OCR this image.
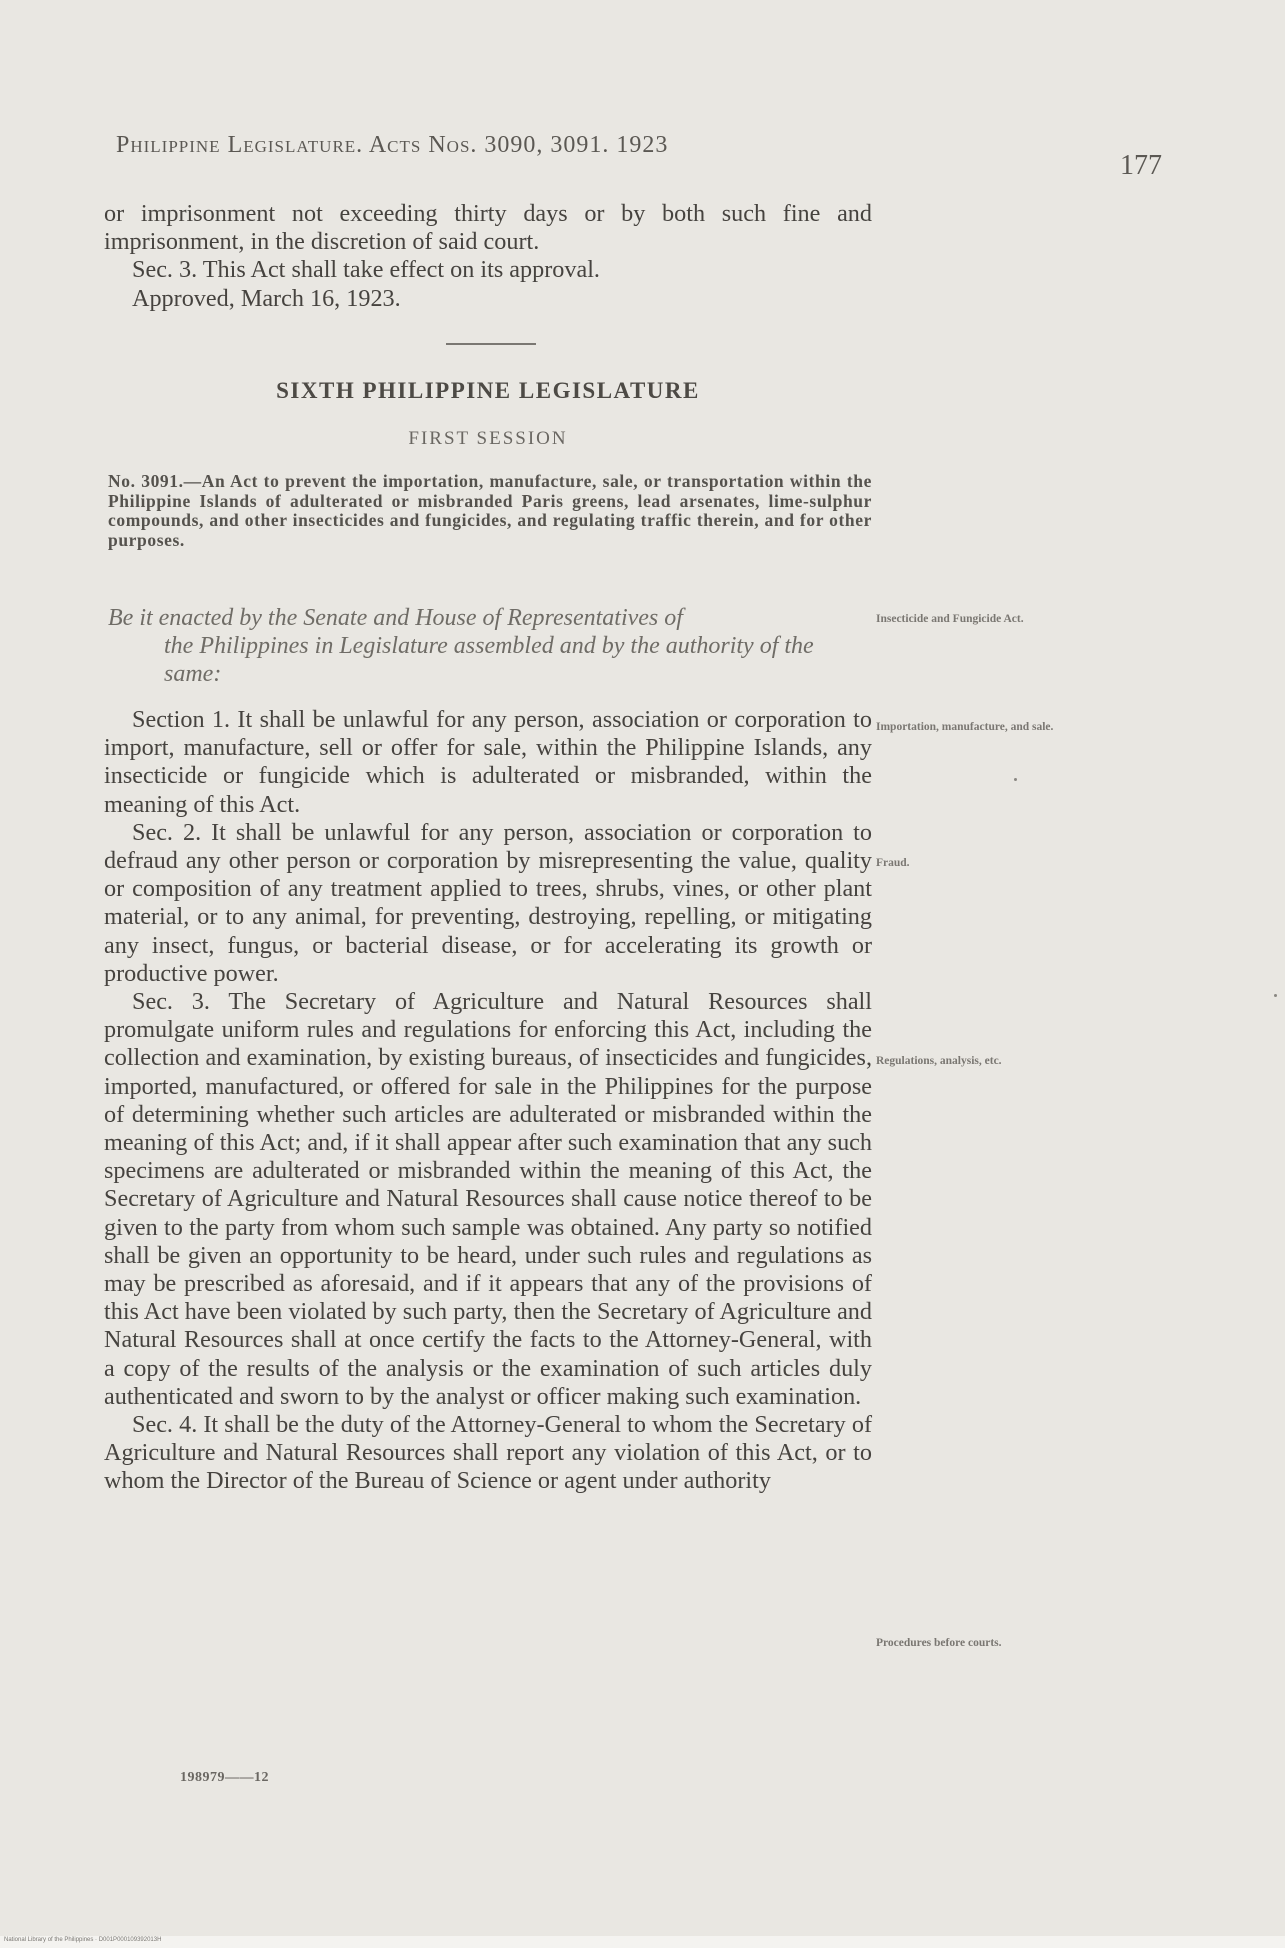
Philippine Legislature. Acts Nos. 3090, 3091. 1923
177

or imprisonment not exceeding thirty days or by both such fine and imprisonment, in the discretion of said court.

Sec. 3. This Act shall take effect on its approval.

Approved, March 16, 1923.

SIXTH PHILIPPINE LEGISLATURE
FIRST SESSION
No. 3091.—An Act to prevent the importation, manufacture, sale, or transportation within the Philippine Islands of adulterated or misbranded Paris greens, lead arsenates, lime-sulphur compounds, and other insecticides and fungicides, and regulating traffic therein, and for other purposes.
Be it enacted by the Senate and House of Representatives of
the Philippines in Legislature assembled and by the authority of the same:

Section 1. It shall be unlawful for any person, association or corporation to import, manufacture, sell or offer for sale, within the Philippine Islands, any insecticide or fungicide which is adulterated or misbranded, within the meaning of this Act.

Sec. 2. It shall be unlawful for any person, association or corporation to defraud any other person or corporation by misrepresenting the value, quality or composition of any treatment applied to trees, shrubs, vines, or other plant material, or to any animal, for preventing, destroying, repelling, or mitigating any insect, fungus, or bacterial disease, or for accelerating its growth or productive power.

Sec. 3. The Secretary of Agriculture and Natural Resources shall promulgate uniform rules and regulations for enforcing this Act, including the collection and examination, by existing bureaus, of insecticides and fungicides, imported, manufactured, or offered for sale in the Philippines for the purpose of determining whether such articles are adulterated or misbranded within the meaning of this Act; and, if it shall appear after such examination that any such specimens are adulterated or misbranded within the meaning of this Act, the Secretary of Agriculture and Natural Resources shall cause notice thereof to be given to the party from whom such sample was obtained. Any party so notified shall be given an opportunity to be heard, under such rules and regulations as may be prescribed as aforesaid, and if it appears that any of the provisions of this Act have been violated by such party, then the Secretary of Agriculture and Natural Resources shall at once certify the facts to the Attorney-General, with a copy of the results of the analysis or the examination of such articles duly authenticated and sworn to by the analyst or officer making such examination.

Sec. 4. It shall be the duty of the Attorney-General to whom the Secretary of Agriculture and Natural Resources shall report any violation of this Act, or to whom the Director of the Bureau of Science or agent under authority

Insecticide and Fungicide Act.
Importation, manufacture, and sale.
Fraud.
Regulations, analysis, etc.
Procedures before courts.
198979——12
National Library of the Philippines · D001P000109392013H
